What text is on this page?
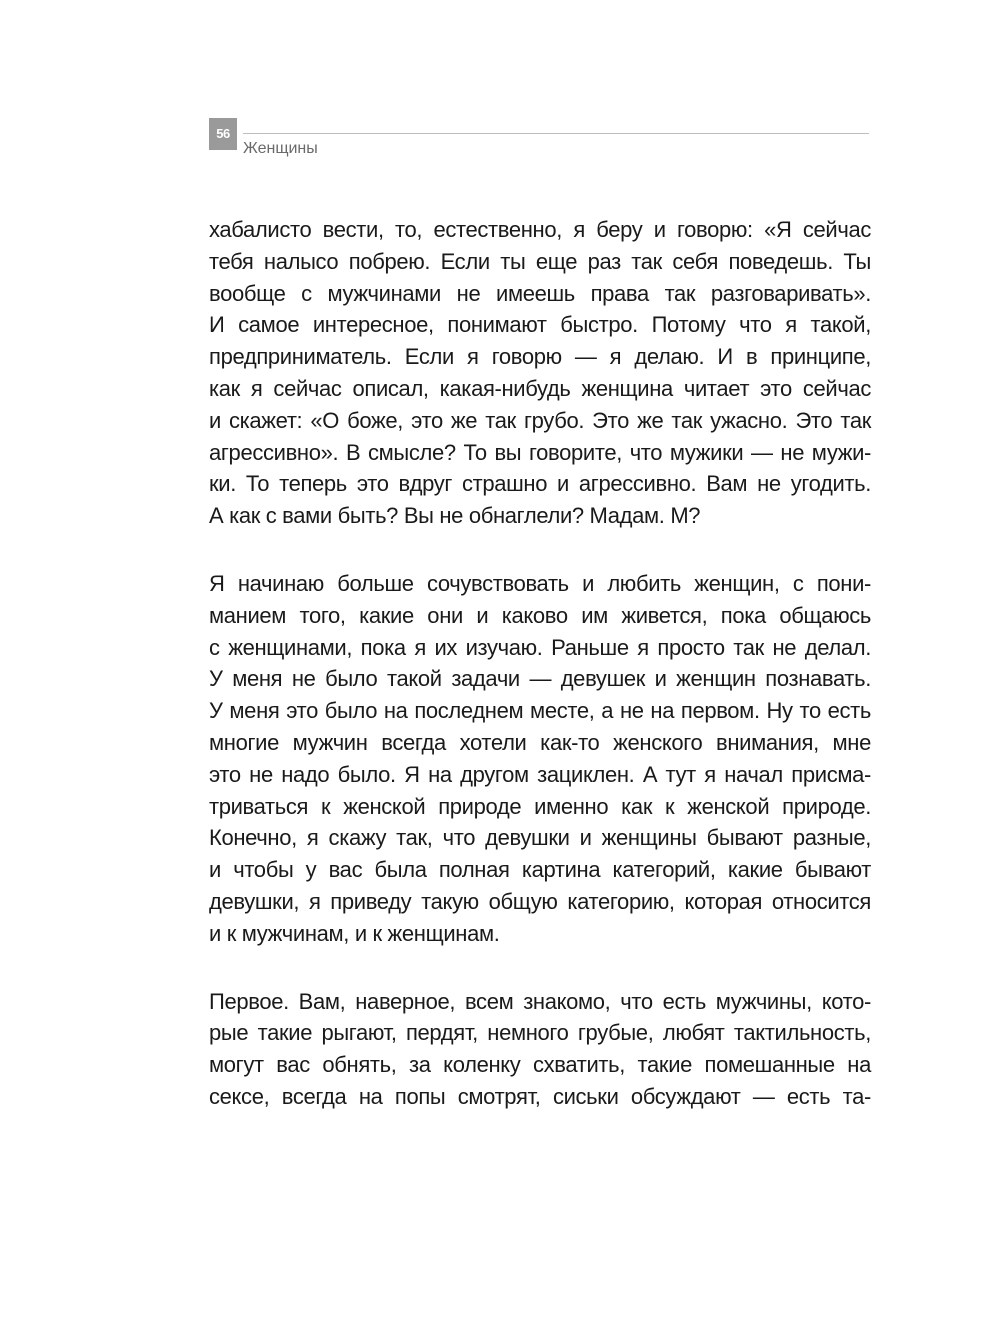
56
Женщины
хабалисто вести, то, естественно, я беру и говорю: «Я сейчас
тебя налысо побрею. Если ты еще раз так себя поведешь. Ты
вообще с мужчинами не имеешь права так разговаривать».
И самое интересное, понимают быстро. Потому что я такой,
предприниматель. Если я говорю — я делаю. И в принципе,
как я сейчас описал, какая-нибудь женщина читает это сейчас
и скажет: «О боже, это же так грубо. Это же так ужасно. Это так
агрессивно». В смысле? То вы говорите, что мужики — не мужи-
ки. То теперь это вдруг страшно и агрессивно. Вам не угодить.
А как с вами быть? Вы не обнаглели? Мадам. М?
Я начинаю больше сочувствовать и любить женщин, с пони-
манием того, какие они и каково им живется, пока общаюсь
с женщинами, пока я их изучаю. Раньше я просто так не делал.
У меня не было такой задачи — девушек и женщин познавать.
У меня это было на последнем месте, а не на первом. Ну то есть
многие мужчин всегда хотели как-то женского внимания, мне
это не надо было. Я на другом зациклен. А тут я начал присма-
триваться к женской природе именно как к женской природе.
Конечно, я скажу так, что девушки и женщины бывают разные,
и чтобы у вас была полная картина категорий, какие бывают
девушки, я приведу такую общую категорию, которая относится
и к мужчинам, и к женщинам.
Первое. Вам, наверное, всем знакомо, что есть мужчины, кото-
рые такие рыгают, пердят, немного грубые, любят тактильность,
могут вас обнять, за коленку схватить, такие помешанные на
сексе, всегда на попы смотрят, сиськи обсуждают — есть та-
